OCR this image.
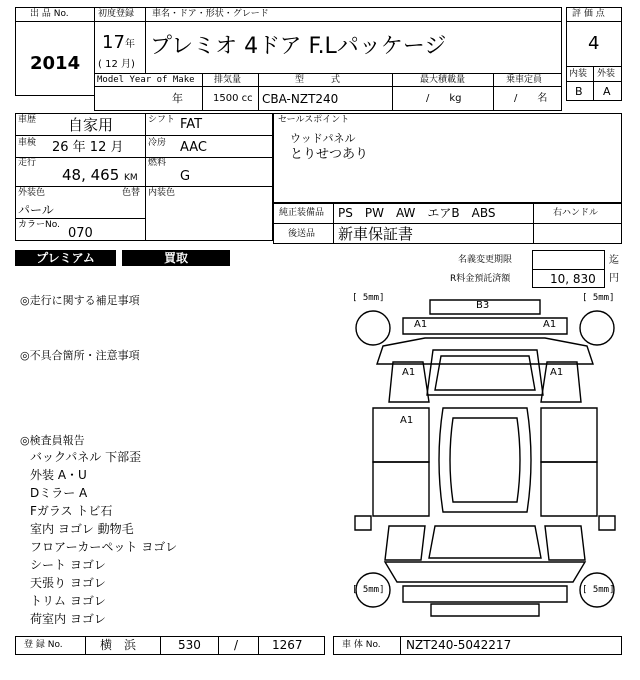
出 品 No.
2014
初度登録 車名・ドア・形状・グレード
17 年
( 12 月)
プレミオ 4ドア F.Lパッケージ
評 価 点
4
内装 外装
B A
Model Year of Make 排気量	型　　　式	最大積載量	乗車定員
年	1500 cc CBA-NZT240	/　　kg	/　　名
車歴 自家用	シフト FAT
車検 26 年 12 月	冷房 AAC
走行
48, 465 KM
燃料
G
外装色	色替 内装色
パール
カラーNo.
070
セールスポイント
ウッドパネル
とりせつあり
純正装備品 PS　PW　AW　エアB　ABS	右ハンドル
後送品 新車保証書
プレミアム	買取	名義変更期限	迄
R料金預託済額	10, 830 円
◎走行に関する補足事項
◎不具合箇所・注意事項
◎検査員報告
バックパネル 下部歪
外装 A・U
Dミラー A
Fガラス トビ石
室内 ヨゴレ 動物毛
フロアーカーペット ヨゴレ
シート ヨゴレ
天張り ヨゴレ
トリム ヨゴレ
荷室内 ヨゴレ
[ 5mm]	[ 5mm]
[ 5mm]	[ 5mm]
B3
A1	A1
A1	A1
A1
登 録 No.	横　浜	530	/	1267	車 体 No. NZT240-5042217
